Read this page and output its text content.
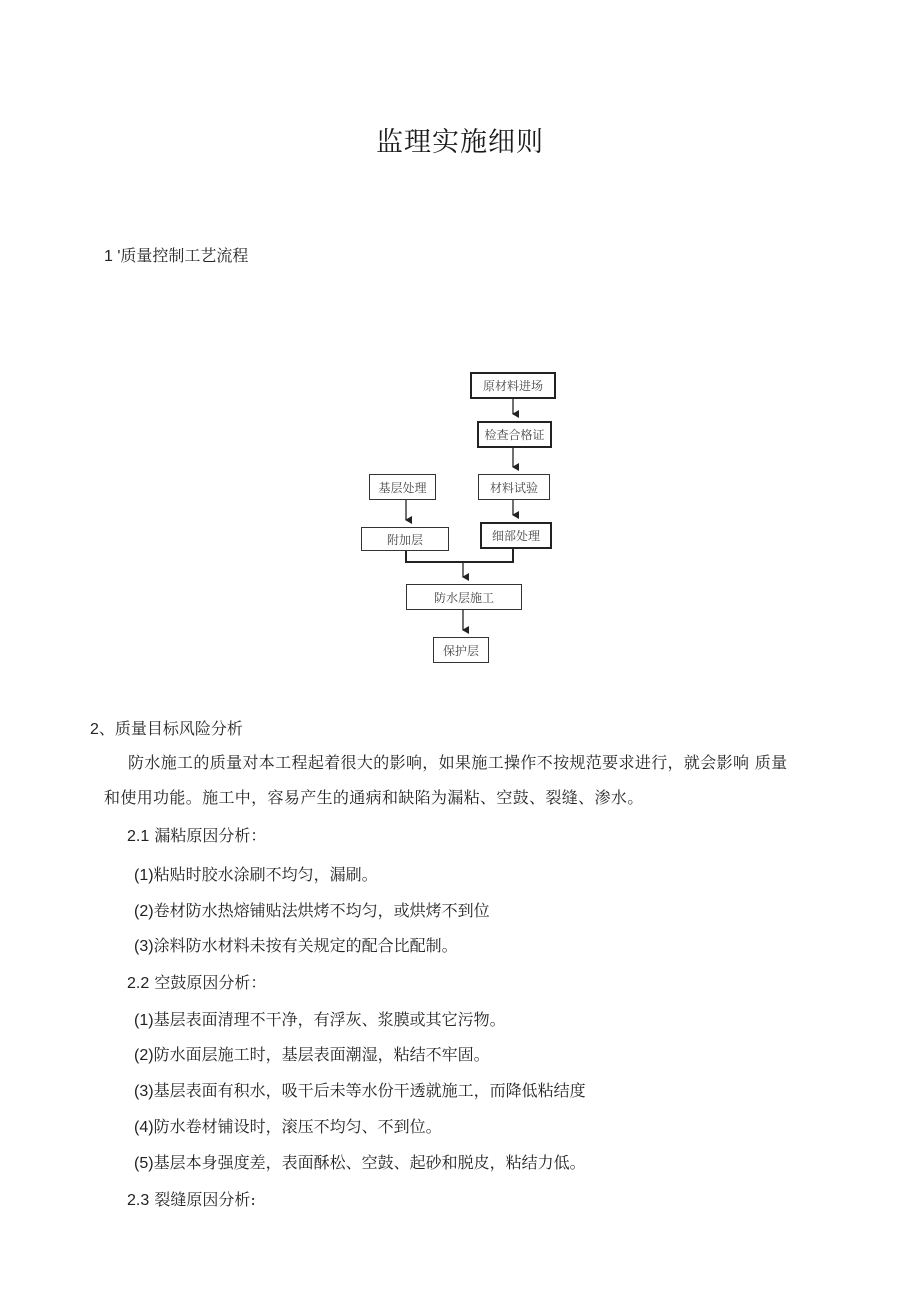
监理实施细则
1 '质量控制工艺流程
原材料进场
检查合格证
基层处理	材料试验
附加层	细部处理
防水层施工
保护层
2、质量目标风险分析
防水施工的质量对本工程起着很大的影响，如果施工操作不按规范要求进行，就会影响 质量
和使用功能。施工中，容易产生的通病和缺陷为漏粘、空鼓、裂缝、渗水。
2.1 漏粘原因分析：
(1)粘贴时胶水涂刷不均匀，漏刷。
(2)卷材防水热熔铺贴法烘烤不均匀，或烘烤不到位
(3)涂料防水材料未按有关规定的配合比配制。
2.2 空鼓原因分析：
(1)基层表面清理不干净，有浮灰、浆膜或其它污物。
(2)防水面层施工时，基层表面潮湿，粘结不牢固。
(3)基层表面有积水，吸干后未等水份干透就施工，而降低粘结度
(4)防水卷材铺设时，滚压不均匀、不到位。
(5)基层本身强度差，表面酥松、空鼓、起砂和脱皮，粘结力低。
2.3 裂缝原因分析:
